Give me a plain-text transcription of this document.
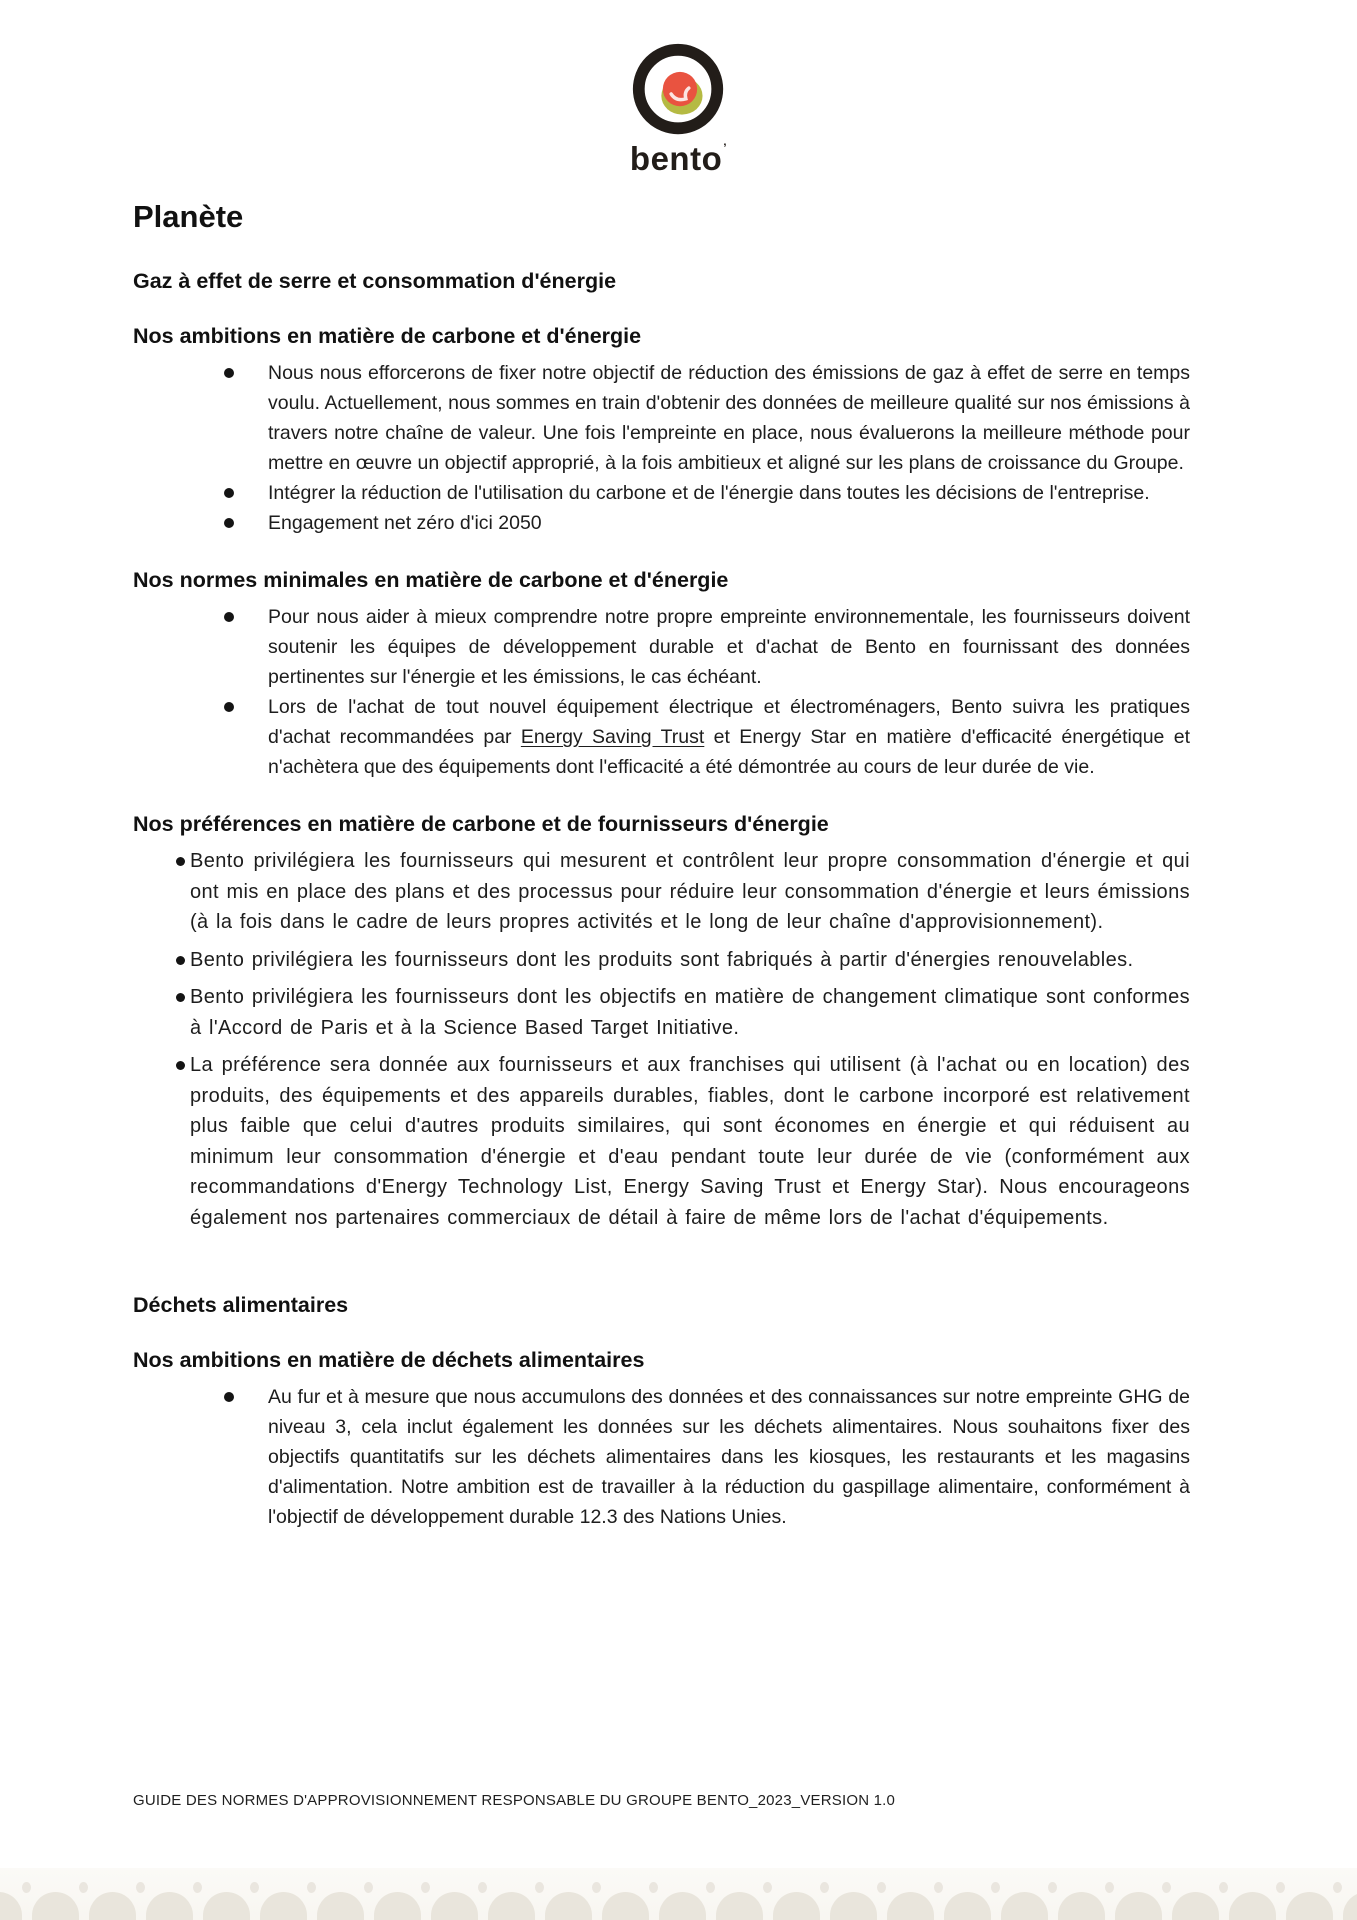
bento’
Planète
Gaz à effet de serre et consommation d'énergie
Nos ambitions en matière de carbone et d'énergie
Nous nous efforcerons de fixer notre objectif de réduction des émissions de gaz à effet de serre en temps voulu. Actuellement, nous sommes en train d'obtenir des données de meilleure qualité sur nos émissions à travers notre chaîne de valeur. Une fois l'empreinte en place, nous évaluerons la meilleure méthode pour mettre en œuvre un objectif approprié, à la fois ambitieux et aligné sur les plans de croissance du Groupe.
Intégrer la réduction de l'utilisation du carbone et de l'énergie dans toutes les décisions de l'entreprise.
Engagement net zéro d'ici 2050
Nos normes minimales en matière de carbone et d'énergie
Pour nous aider à mieux comprendre notre propre empreinte environnementale, les fournisseurs doivent soutenir les équipes de développement durable et d'achat de Bento en fournissant des données pertinentes sur l'énergie et les émissions, le cas échéant.
Lors de l'achat de tout nouvel équipement électrique et électroménagers, Bento suivra les pratiques d'achat recommandées par Energy Saving Trust et Energy Star en matière d'efficacité énergétique et n'achètera que des équipements dont l'efficacité a été démontrée au cours de leur durée de vie.
Nos préférences en matière de carbone et de fournisseurs d'énergie
Bento privilégiera les fournisseurs qui mesurent et contrôlent leur propre consommation d'énergie et qui ont mis en place des plans et des processus pour réduire leur consommation d'énergie et leurs émissions (à la fois dans le cadre de leurs propres activités et le long de leur chaîne d'approvisionnement).
Bento privilégiera les fournisseurs dont les produits sont fabriqués à partir d'énergies renouvelables.
Bento privilégiera les fournisseurs dont les objectifs en matière de changement climatique sont conformes à l'Accord de Paris et à la Science Based Target Initiative.
La préférence sera donnée aux fournisseurs et aux franchises qui utilisent (à l'achat ou en location) des produits, des équipements et des appareils durables, fiables, dont le carbone incorporé est relativement plus faible que celui d'autres produits similaires, qui sont économes en énergie et qui réduisent au minimum leur consommation d'énergie et d'eau pendant toute leur durée de vie (conformément aux recommandations d'Energy Technology List, Energy Saving Trust et Energy Star). Nous encourageons également nos partenaires commerciaux de détail à faire de même lors de l'achat d'équipements.
Déchets alimentaires
Nos ambitions en matière de déchets alimentaires
Au fur et à mesure que nous accumulons des données et des connaissances sur notre empreinte GHG de niveau 3, cela inclut également les données sur les déchets alimentaires. Nous souhaitons fixer des objectifs quantitatifs sur les déchets alimentaires dans les kiosques, les restaurants et les magasins d'alimentation. Notre ambition est de travailler à la réduction du gaspillage alimentaire, conformément à l'objectif de développement durable 12.3 des Nations Unies.
GUIDE DES NORMES D'APPROVISIONNEMENT RESPONSABLE DU GROUPE BENTO_2023_VERSION 1.0
